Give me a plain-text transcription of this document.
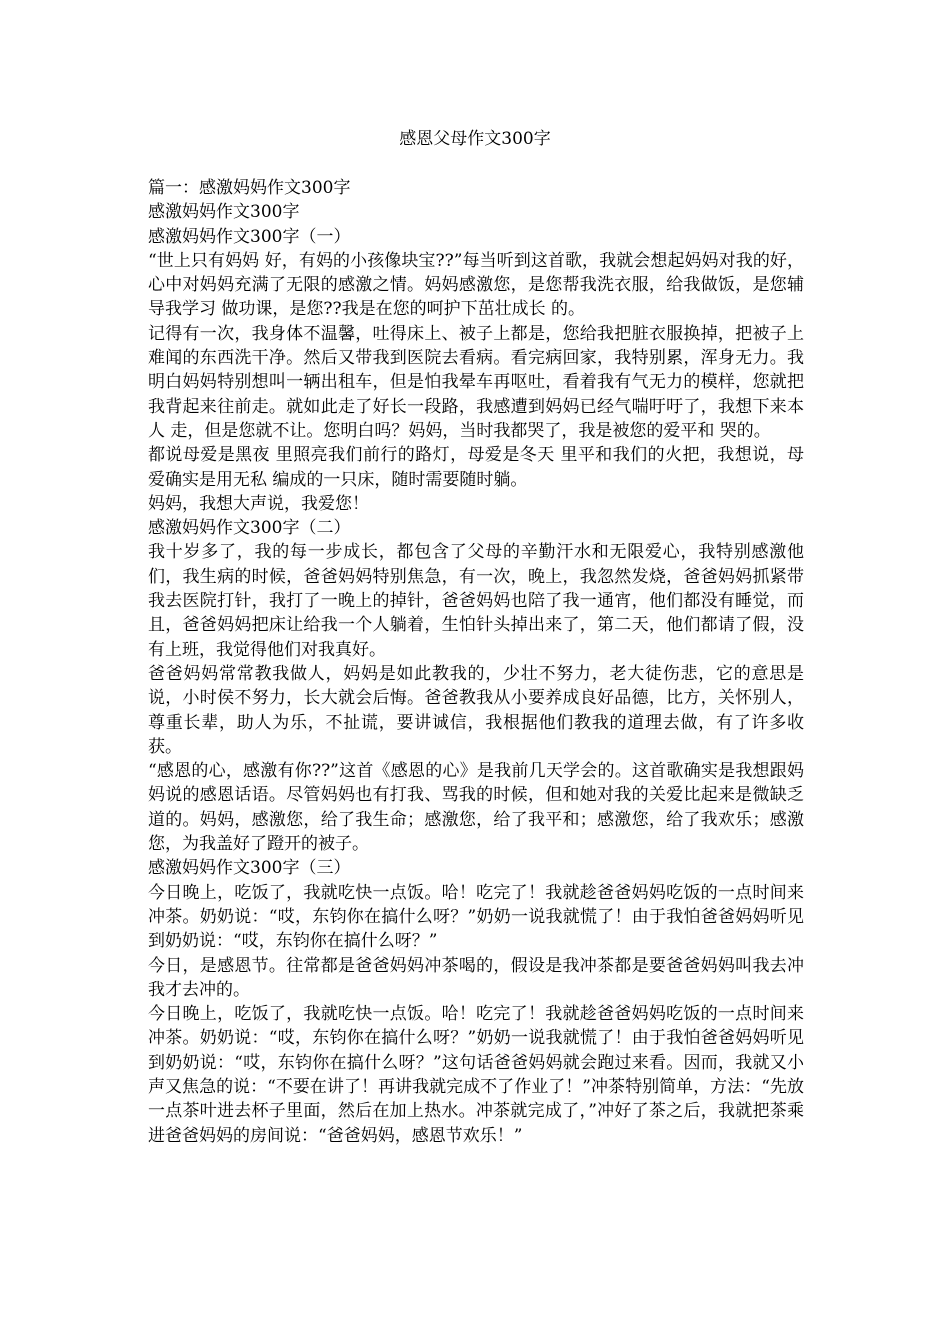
感恩父母作文300字

篇一：感激妈妈作文300字

感激妈妈作文300字

感激妈妈作文300字（一）

“世上只有妈妈 好，有妈的小孩像块宝??”每当听到这首歌，我就会想起妈妈对我的好，心中对妈妈充满了无限的感激之情。妈妈感激您，是您帮我洗衣服，给我做饭，是您辅导我学习 做功课，是您??我是在您的呵护下茁壮成长 的。

记得有一次，我身体不温馨，吐得床上、被子上都是，您给我把脏衣服换掉，把被子上难闻的东西洗干净。然后又带我到医院去看病。看完病回家，我特别累，浑身无力。我明白妈妈特别想叫一辆出租车，但是怕我晕车再呕吐，看着我有气无力的模样，您就把我背起来往前走。就如此走了好长一段路，我感遭到妈妈已经气喘吁吁了，我想下来本人 走，但是您就不让。您明白吗？妈妈，当时我都哭了，我是被您的爱平和 哭的。

都说母爱是黑夜 里照亮我们前行的路灯，母爱是冬天 里平和我们的火把，我想说，母爱确实是用无私 编成的一只床，随时需要随时躺。

妈妈，我想大声说，我爱您！

感激妈妈作文300字（二）

我十岁多了，我的每一步成长，都包含了父母的辛勤汗水和无限爱心，我特别感激他们，我生病的时候，爸爸妈妈特别焦急，有一次，晚上，我忽然发烧，爸爸妈妈抓紧带我去医院打针，我打了一晚上的掉针，爸爸妈妈也陪了我一通宵，他们都没有睡觉，而且，爸爸妈妈把床让给我一个人躺着，生怕针头掉出来了，第二天，他们都请了假，没有上班，我觉得他们对我真好。

爸爸妈妈常常教我做人，妈妈是如此教我的，少壮不努力，老大徒伤悲，它的意思是说，小时侯不努力，长大就会后悔。爸爸教我从小要养成良好品德，比方，关怀别人，尊重长辈，助人为乐，不扯谎，要讲诚信，我根据他们教我的道理去做，有了许多收获。

“感恩的心，感激有你??”这首《感恩的心》是我前几天学会的。这首歌确实是我想跟妈妈说的感恩话语。尽管妈妈也有打我、骂我的时候，但和她对我的关爱比起来是微缺乏道的。妈妈，感激您，给了我生命；感激您，给了我平和；感激您，给了我欢乐；感激您，为我盖好了蹬开的被子。

感激妈妈作文300字（三）

今日晚上，吃饭了，我就吃快一点饭。哈！吃完了！我就趁爸爸妈妈吃饭的一点时间来冲茶。奶奶说：“哎，东钧你在搞什么呀？”奶奶一说我就慌了！由于我怕爸爸妈妈听见到奶奶说：“哎，东钧你在搞什么呀？”

今日，是感恩节。往常都是爸爸妈妈冲茶喝的，假设是我冲茶都是要爸爸妈妈叫我去冲我才去冲的。

今日晚上，吃饭了，我就吃快一点饭。哈！吃完了！我就趁爸爸妈妈吃饭的一点时间来冲茶。奶奶说：“哎，东钧你在搞什么呀？”奶奶一说我就慌了！由于我怕爸爸妈妈听见到奶奶说：“哎，东钧你在搞什么呀？”这句话爸爸妈妈就会跑过来看。因而，我就又小声又焦急的说：“不要在讲了！再讲我就完成不了作业了！”冲茶特别简单，方法：“先放一点茶叶进去杯子里面，然后在加上热水。冲茶就完成了，”冲好了茶之后，我就把茶乘进爸爸妈妈的房间说：“爸爸妈妈，感恩节欢乐！”
